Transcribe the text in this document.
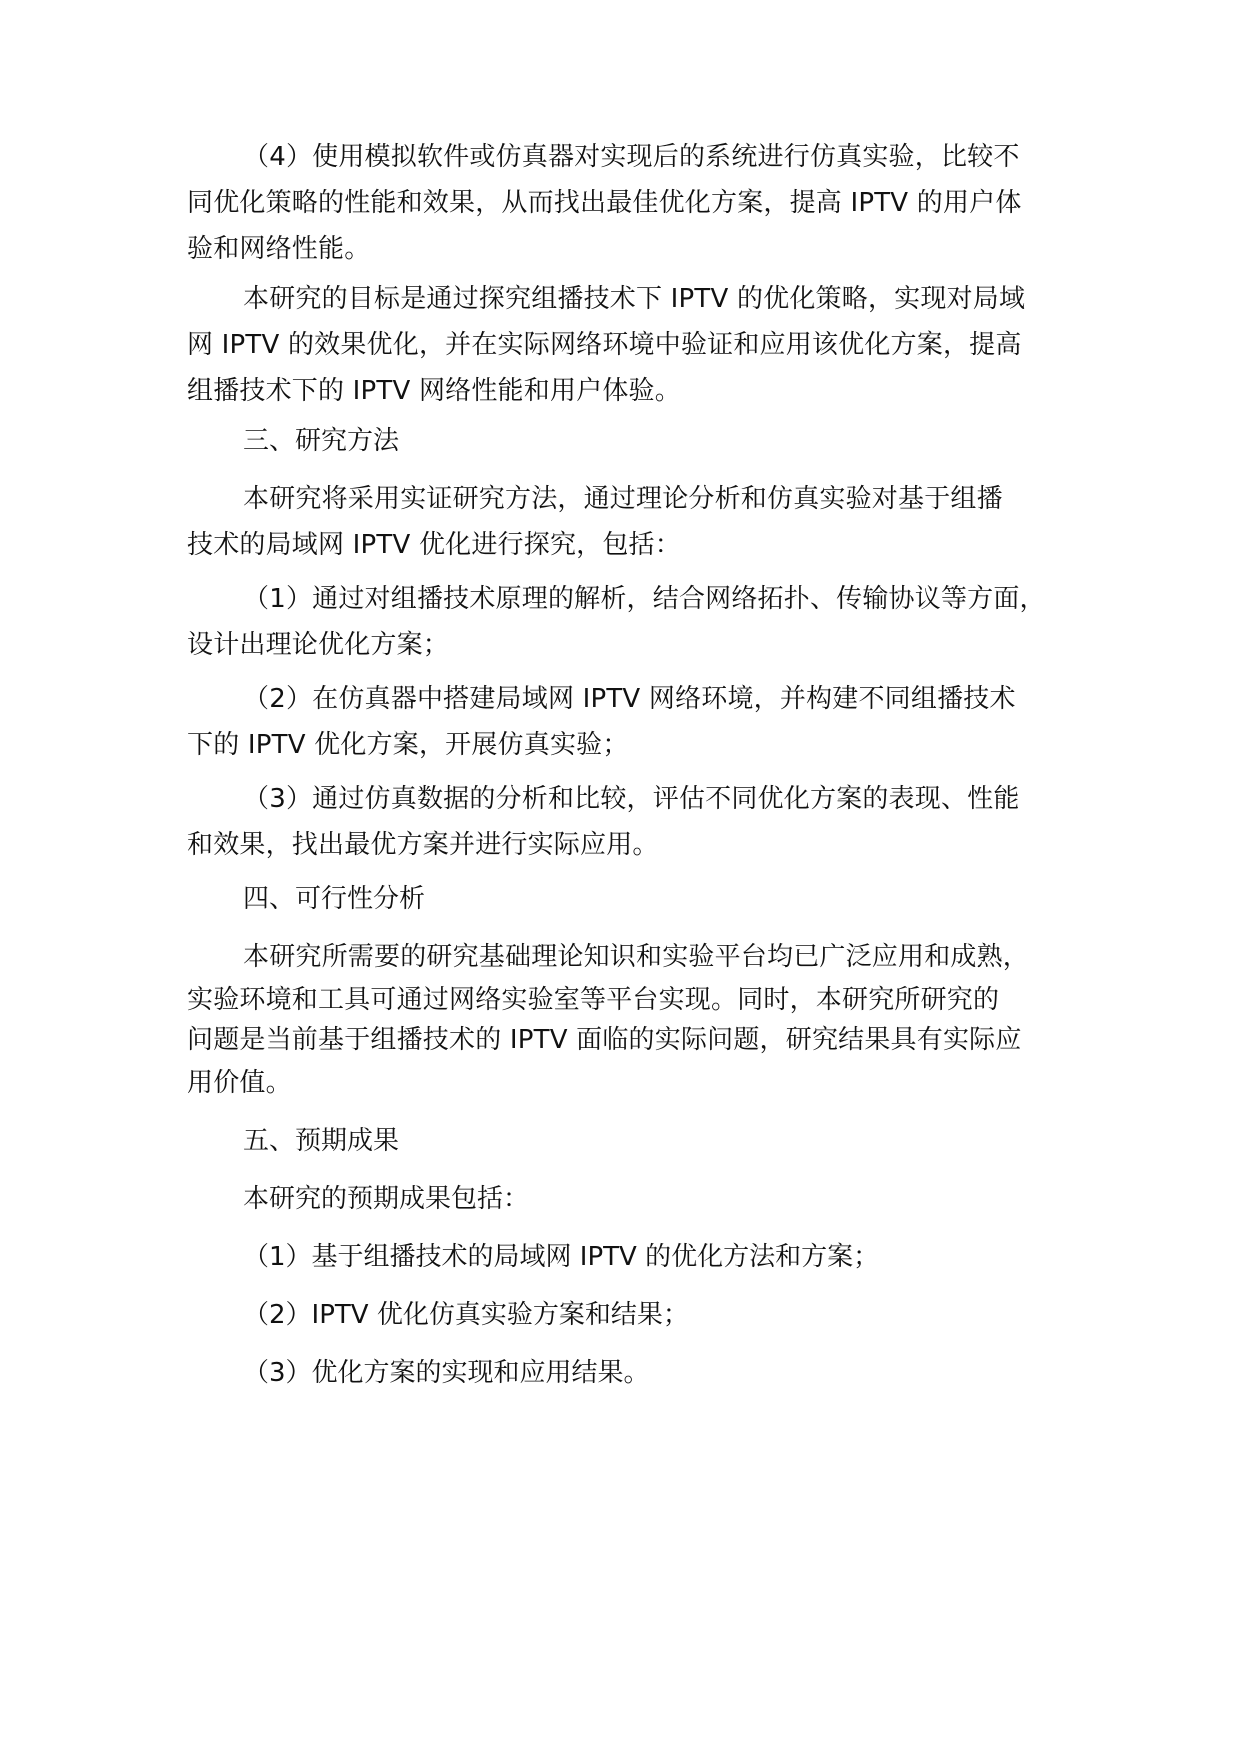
（4）使用模拟软件或仿真器对实现后的系统进行仿真实验，比较不
同优化策略的性能和效果，从而找出最佳优化方案，提高 IPTV 的用户体
验和网络性能。
本研究的目标是通过探究组播技术下 IPTV 的优化策略，实现对局域
网 IPTV 的效果优化，并在实际网络环境中验证和应用该优化方案，提高
组播技术下的 IPTV 网络性能和用户体验。
三、研究方法
本研究将采用实证研究方法，通过理论分析和仿真实验对基于组播
技术的局域网 IPTV 优化进行探究，包括：
（1）通过对组播技术原理的解析，结合网络拓扑、传输协议等方面，
设计出理论优化方案；
（2）在仿真器中搭建局域网 IPTV 网络环境，并构建不同组播技术
下的 IPTV 优化方案，开展仿真实验；
（3）通过仿真数据的分析和比较，评估不同优化方案的表现、性能
和效果，找出最优方案并进行实际应用。
四、可行性分析
本研究所需要的研究基础理论知识和实验平台均已广泛应用和成熟，
实验环境和工具可通过网络实验室等平台实现。同时，本研究所研究的
问题是当前基于组播技术的 IPTV 面临的实际问题，研究结果具有实际应
用价值。
五、预期成果
本研究的预期成果包括：
（1）基于组播技术的局域网 IPTV 的优化方法和方案；
（2）IPTV 优化仿真实验方案和结果；
（3）优化方案的实现和应用结果。
